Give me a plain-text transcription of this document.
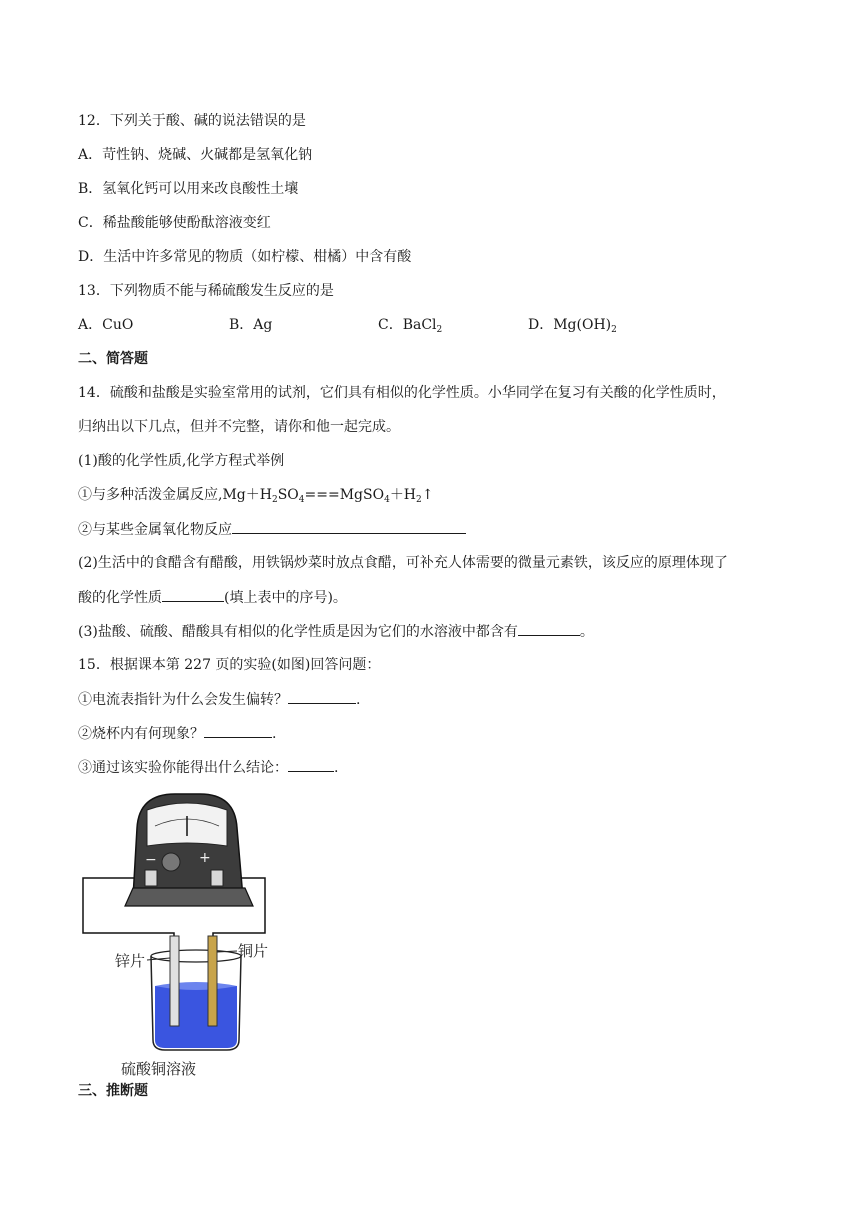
12．下列关于酸、碱的说法错误的是
A．苛性钠、烧碱、火碱都是氢氧化钠
B．氢氧化钙可以用来改良酸性土壤
C．稀盐酸能够使酚酞溶液变红
D．生活中许多常见的物质（如柠檬、柑橘）中含有酸
13．下列物质不能与稀硫酸发生反应的是
A．CuO	B．Ag	C．BaCl$_2$	D．$Mg(OH)_2$
二、简答题
14．硫酸和盐酸是实验室常用的试剂，它们具有相似的化学性质。小华同学在复习有关酸的化学性质时，
归纳出以下几点，但并不完整，请你和他一起完成。
(1)酸的化学性质,化学方程式举例
①与多种活泼金属反应$,Mg+H_2SO_4===MgSO_4+H_2↑$
②与某些金属氧化物反应
(2)生活中的食醋含有醋酸，用铁锅炒菜时放点食醋，可补充人体需要的微量元素铁，该反应的原理体现了
酸的化学性质	(填上表中的序号)。
(3)盐酸、硫酸、醋酸具有相似的化学性质是因为它们的水溶液中都含有	。
15．根据课本第 227 页的实验(如图)回答问题：
①电流表指针为什么会发生偏转？	.
②烧杯内有何现象？	.
③通过该实验你能得出什么结论：	.
−	+
锌片
铜片
硫酸铜溶液
三、推断题
